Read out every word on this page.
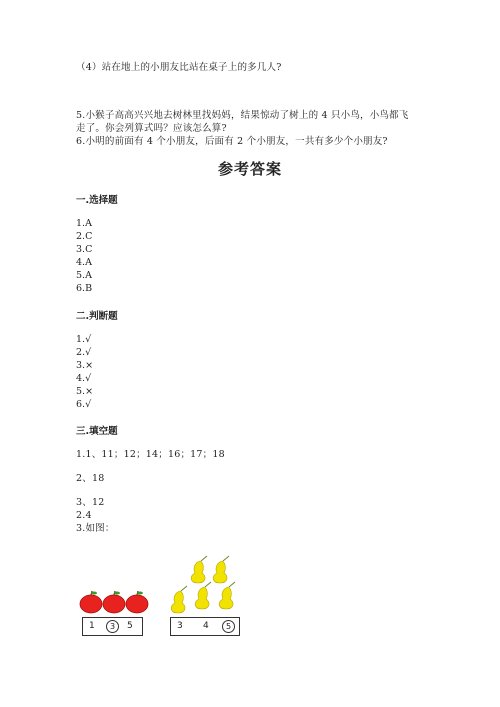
（4）站在地上的小朋友比站在桌子上的多几人?
5.小猴子高高兴兴地去树林里找妈妈，结果惊动了树上的 4 只小鸟，小鸟都飞
走了。你会列算式吗？应该怎么算?
6.小明的前面有 4 个小朋友，后面有 2 个小朋友，一共有多少个小朋友?
参考答案
一.选择题
1.A
2.C
3.C
4.A
5.A
6.B
二.判断题
1.√
2.√
3.×
4.√
5.×
6.√
三.填空题
1.1、11；12；14；16；17；18
2、18
3、12
2.4
3.如图：
1	3	5	3 4	5
